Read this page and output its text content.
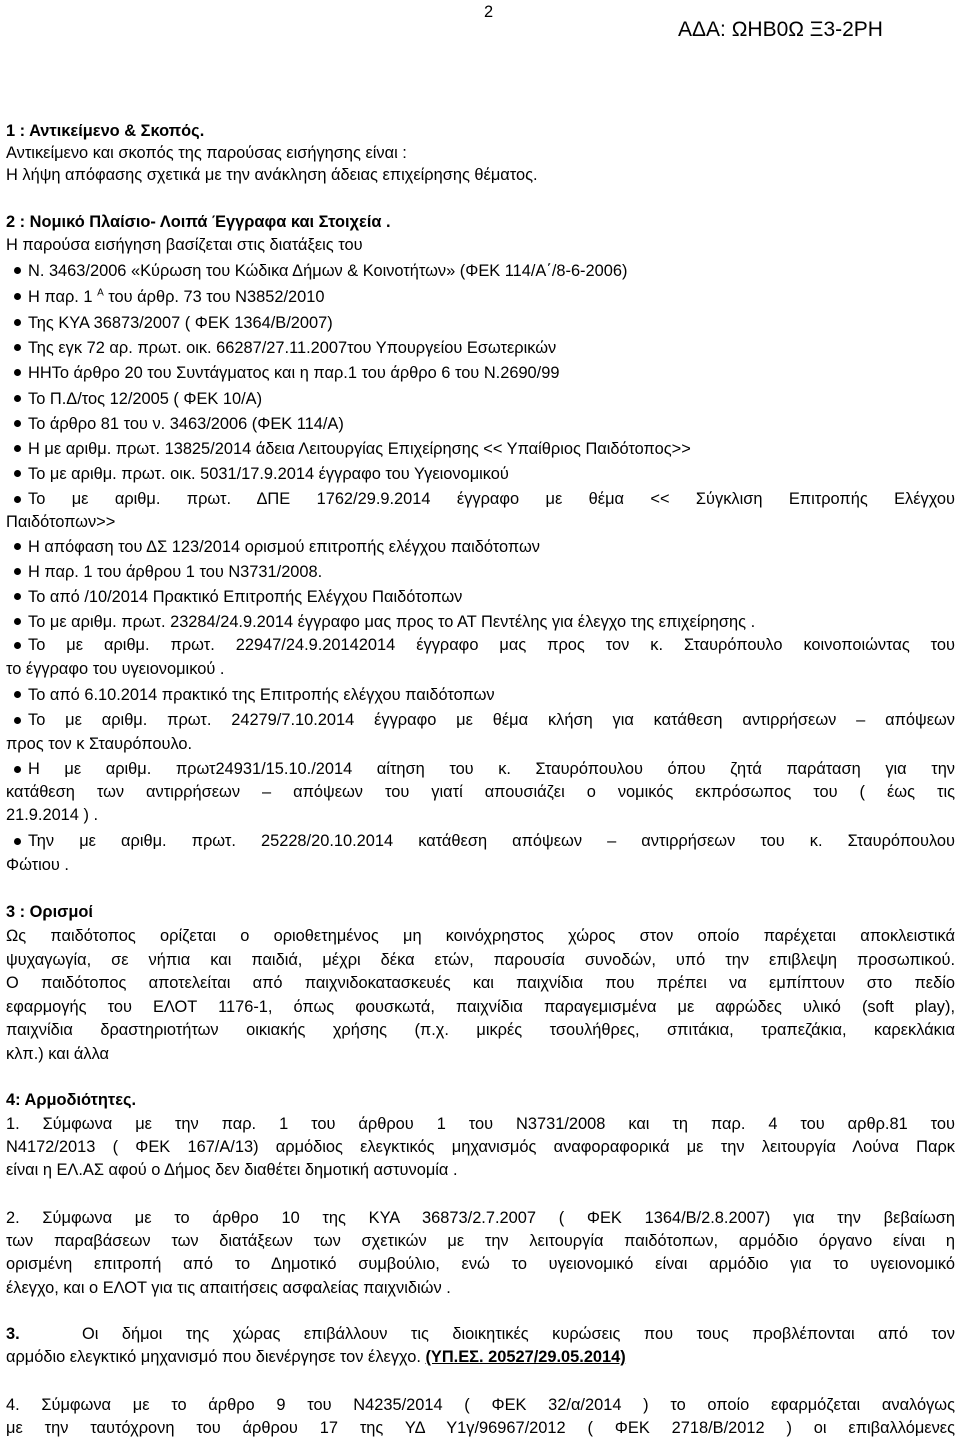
2
ΑΔΑ: ΩΗΒ0Ω Ξ3-2ΡΗ
1 : Αντικείμενο & Σκοπός.
Αντικείμενο και σκοπός της παρούσας εισήγησης είναι :
Η λήψη απόφασης σχετικά με την ανάκληση άδειας επιχείρησης θέματος.
2 : Νομικό Πλαίσιο- Λοιπά Έγγραφα και Στοιχεία .
Η παρούσα εισήγηση βασίζεται στις διατάξεις του
Ν. 3463/2006 «Κύρωση του Κώδικα Δήμων & Κοινοτήτων» (ΦΕΚ 114/Α΄/8-6-2006)
Η παρ. 1 $^A$ του άρθρ. 73 του Ν3852/2010
Της ΚΥΑ 36873/2007 ( ΦΕΚ 1364/Β/2007)
Της εγκ 72 αρ. πρωτ. οικ. 66287/27.11.2007του Υπουργείου Εσωτερικών
ΗΗΤο άρθρο 20 του Συντάγματος και η παρ.1 του άρθρο 6 του Ν.2690/99
Το Π.Δ/τος 12/2005 ( ΦΕΚ 10/Α)
Το άρθρο 81 του ν. 3463/2006 (ΦΕΚ 114/Α)
Η με αριθμ. πρωτ. 13825/2014 άδεια Λειτουργίας Επιχείρησης << Υπαίθριος Παιδότοπος>>
Το με αριθμ. πρωτ. οικ. 5031/17.9.2014 έγγραφο του Υγειονομικού
Το με αριθμ. πρωτ. ΔΠΕ 1762/29.9.2014 έγγραφο με θέμα << Σύγκλιση Επιτροπής Ελέγχου
Παιδότοπων>>
Η απόφαση του ΔΣ 123/2014 ορισμού επιτροπής ελέγχου παιδότοπων
Η παρ. 1 του άρθρου 1 του Ν3731/2008.
Το από /10/2014 Πρακτικό Επιτροπής Ελέγχου Παιδότοπων
Το με αριθμ. πρωτ. 23284/24.9.2014 έγγραφο μας προς το ΑΤ Πεντέλης για έλεγχο της επιχείρησης .
Το με αριθμ. πρωτ. 22947/24.9.20142014 έγγραφο μας προς τον κ. Σταυρόπουλο κοινοποιώντας του
το έγγραφο του υγειονομικού .
Το από 6.10.2014 πρακτικό της Επιτροπής ελέγχου παιδότοπων
Το με αριθμ. πρωτ. 24279/7.10.2014 έγγραφο με θέμα κλήση για κατάθεση αντιρρήσεων – απόψεων
προς τον κ Σταυρόπουλο.
Η με αριθμ. πρωτ24931/15.10./2014 αίτηση του κ. Σταυρόπουλου όπου ζητά παράταση για την
κατάθεση των αντιρρήσεων – απόψεων του γιατί απουσιάζει ο νομικός εκπρόσωπος του ( έως τις
21.9.2014 ) .
Την με αριθμ. πρωτ. 25228/20.10.2014 κατάθεση απόψεων – αντιρρήσεων του κ. Σταυρόπουλου
Φώτιου .
3 : Ορισμοί
Ως παιδότοπος ορίζεται ο οριοθετημένος μη κοινόχρηστος χώρος στον οποίο παρέχεται αποκλειστικά
ψυχαγωγία, σε νήπια και παιδιά, μέχρι δέκα ετών, παρουσία συνοδών, υπό την επιβλεψη προσωπικού.
Ο παιδότοπος αποτελείται από παιχνιδοκατασκευές και παιχνίδια που πρέπει να εμπίπτουν στο πεδίο
εφαρμογής του ΕΛΟΤ 1176-1, όπως φουσκωτά, παιχνίδια παραγεμισμένα με αφρώδες υλικό (soft play),
παιχνίδια δραστηριοτήτων οικιακής χρήσης (π.χ. μικρές τσουλήθρες, σπιτάκια, τραπεζάκια, καρεκλάκια
κλπ.) και άλλα
4: Αρμοδιότητες.
1. Σύμφωνα με την παρ. 1 του άρθρου 1 του Ν3731/2008 και τη παρ. 4 του αρθρ.81 του
Ν4172/2013 ( ΦΕΚ 167/Α/13) αρμόδιος ελεγκτικός μηχανισμός αναφοραφορικά με την λειτουργία Λούνα Παρκ
είναι η ΕΛ.ΑΣ αφού ο Δήμος δεν διαθέτει δημοτική αστυνομία .
2. Σύμφωνα με το άρθρο 10 της ΚΥΑ 36873/2.7.2007 ( ΦΕΚ 1364/Β/2.8.2007) για την βεβαίωση
των παραβάσεων των διατάξεων των σχετικών με την λειτουργία παιδότοπων, αρμόδιο όργανο είναι η
ορισμένη επιτροπή από το Δημοτικό συμβούλιο, ενώ το υγειονομικό είναι αρμόδιο για το υγειονομικό
έλεγχο, και ο ΕΛΟΤ για τις απαιτήσεις ασφαλείας παιχνιδιών .
3.	Οι δήμοι της χώρας επιβάλλουν τις διοικητικές κυρώσεις που τους προβλέπονται από τον
αρμόδιο ελεγκτικό μηχανισμό που διενέργησε τον έλεγχο. (ΥΠ.ΕΣ. 20527/29.05.2014)
4. Σύμφωνα με το άρθρο 9 του Ν4235/2014 ( ΦΕΚ 32/α/2014 ) το οποίο εφαρμόζεται αναλόγως
με την ταυτόχρονη του άρθρου 17 της ΥΔ Υ1γ/96967/2012 ( ΦΕΚ 2718/Β/2012 ) οι επιβαλλόμενες
